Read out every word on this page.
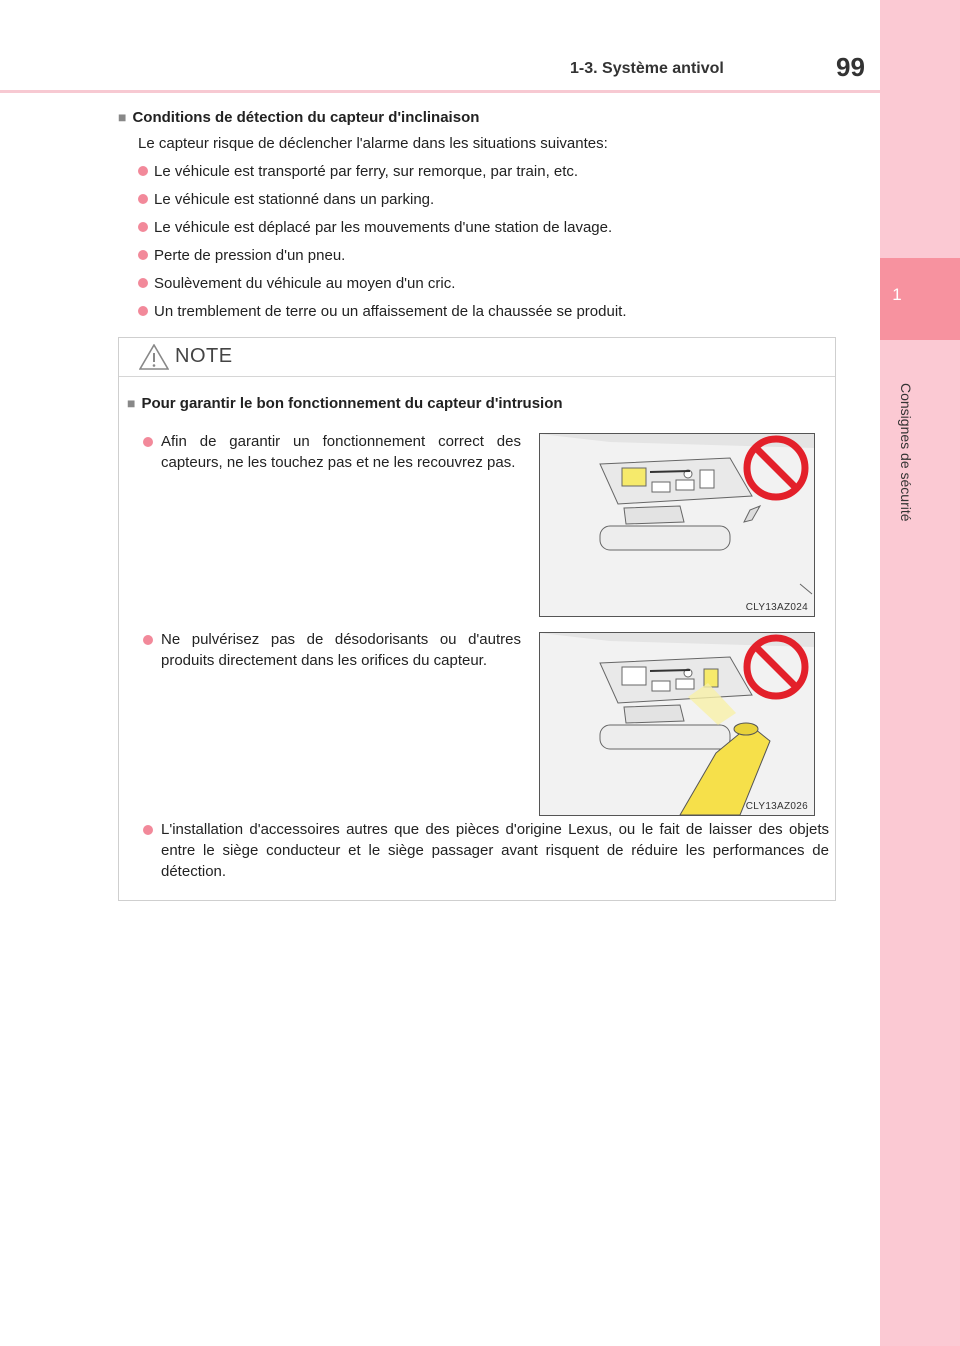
1-3. Système antivol	99
1
Consignes de sécurité

■ Conditions de détection du capteur d'inclinaison

Le capteur risque de déclencher l'alarme dans les situations suivantes:

Le véhicule est transporté par ferry, sur remorque, par train, etc.

Le véhicule est stationné dans un parking.

Le véhicule est déplacé par les mouvements d'une station de lavage.

Perte de pression d'un pneu.

Soulèvement du véhicule au moyen d'un cric.

Un tremblement de terre ou un affaissement de la chaussée se produit.

NOTE
■ Pour garantir le bon fonctionnement du capteur d'intrusion
Afin de garantir un fonctionnement correct des capteurs, ne les touchez pas et ne les recouvrez pas.
CLY13AZ024
Ne pulvérisez pas de désodorisants ou d'autres produits directement dans les orifices du capteur.
CLY13AZ026
L'installation d'accessoires autres que des pièces d'origine Lexus, ou le fait de laisser des objets entre le siège conducteur et le siège passager avant risquent de réduire les performances de détection.
